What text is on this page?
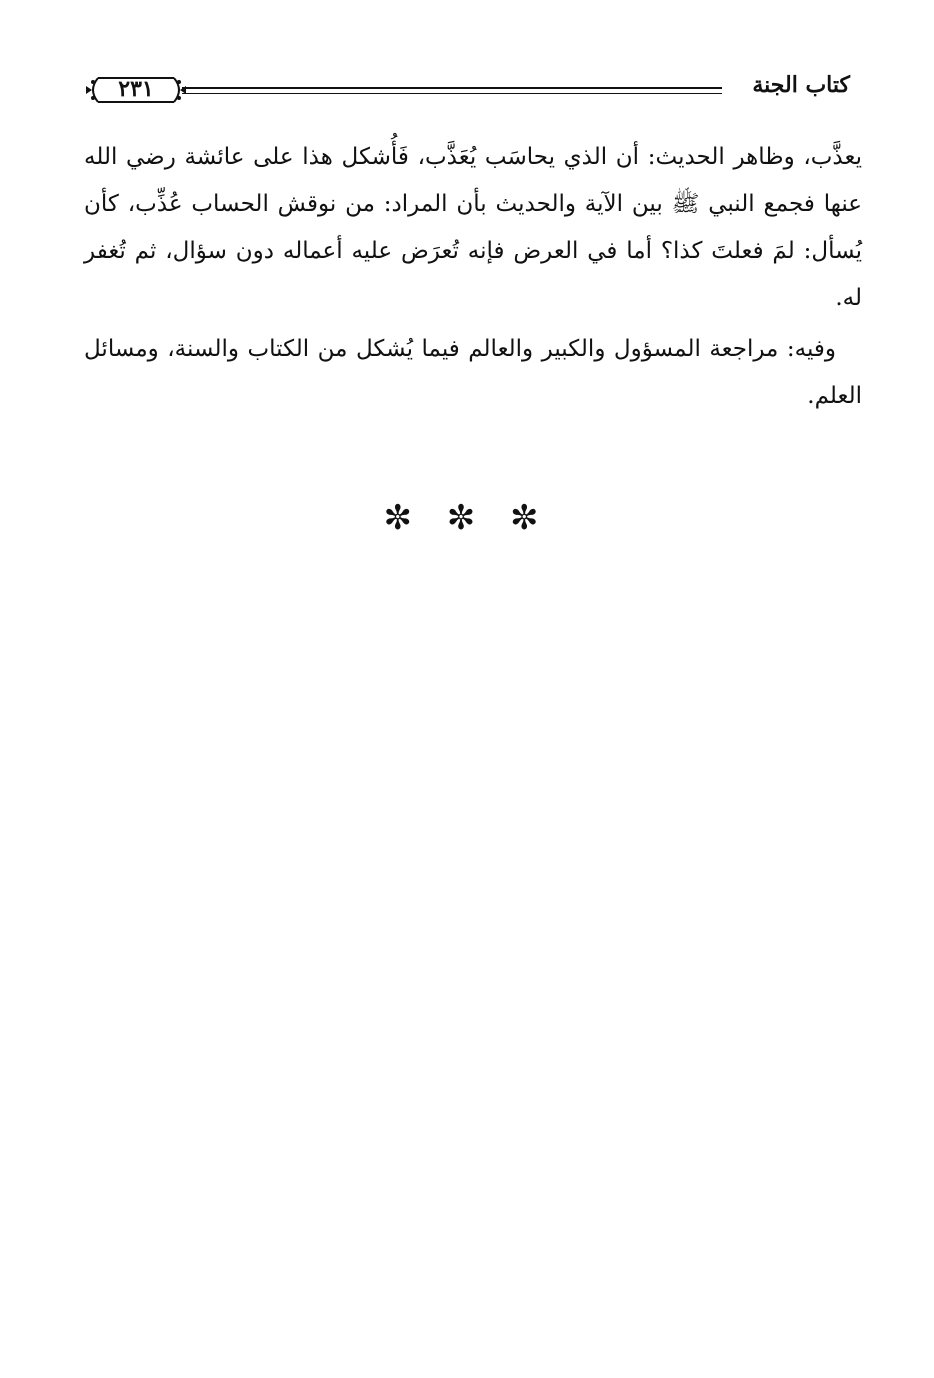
كتاب الجنة
٢٣١

يعذَّب، وظاهر الحديث: أن الذي يحاسَب يُعَذَّب، فَأُشكل هذا على عائشة رضي الله عنها فجمع النبي ﷺ بين الآية والحديث بأن المراد: من نوقش الحساب عُذِّب، كأن يُسأل: لمَ فعلتَ كذا؟ أما في العرض فإنه تُعرَض عليه أعماله دون سؤال، ثم تُغفر له.

وفيه: مراجعة المسؤول والكبير والعالم فيما يُشكل من الكتاب والسنة، ومسائل العلم.

✼ ✼ ✼
